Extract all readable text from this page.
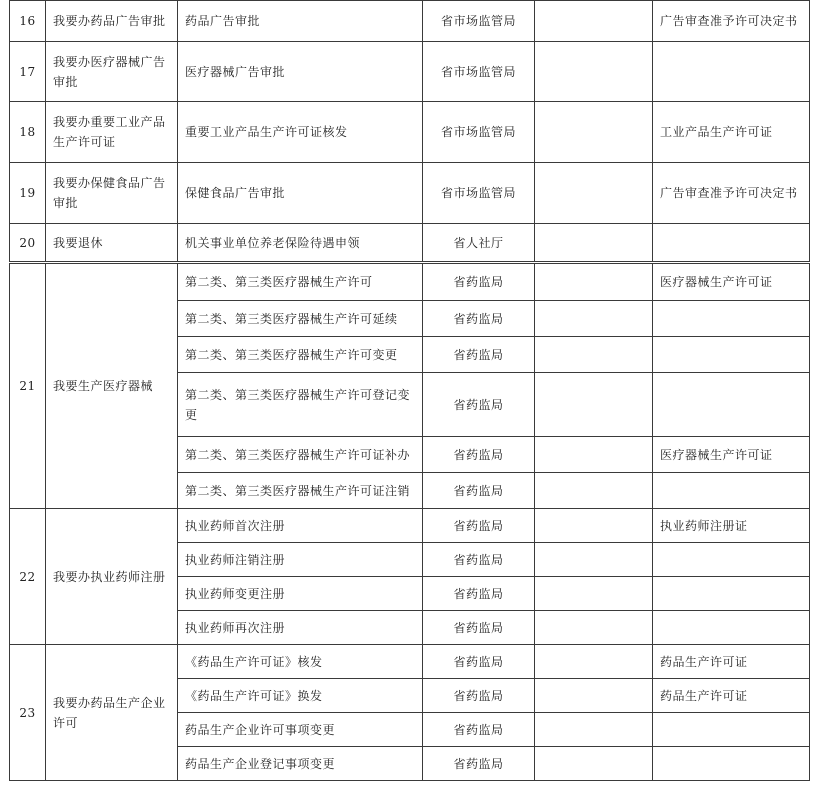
16	我要办药品广告审批	药品广告审批	省市场监管局		广告审查准予许可决定书
17	我要办医疗器械广告审批	医疗器械广告审批	省市场监管局		
18	我要办重要工业产品生产许可证	重要工业产品生产许可证核发	省市场监管局		工业产品生产许可证
19	我要办保健食品广告审批	保健食品广告审批	省市场监管局		广告审查准予许可决定书
20	我要退休	机关事业单位养老保险待遇申领	省人社厅		
21	我要生产医疗器械	第二类、第三类医疗器械生产许可	省药监局		医疗器械生产许可证
		第二类、第三类医疗器械生产许可延续	省药监局		
		第二类、第三类医疗器械生产许可变更	省药监局		
		第二类、第三类医疗器械生产许可登记变更	省药监局		
		第二类、第三类医疗器械生产许可证补办	省药监局		医疗器械生产许可证
		第二类、第三类医疗器械生产许可证注销	省药监局		
22	我要办执业药师注册	执业药师首次注册	省药监局		执业药师注册证
		执业药师注销注册	省药监局		
		执业药师变更注册	省药监局		
		执业药师再次注册	省药监局		
23	我要办药品生产企业许可	《药品生产许可证》核发	省药监局		药品生产许可证
		《药品生产许可证》换发	省药监局		药品生产许可证
		药品生产企业许可事项变更	省药监局		
		药品生产企业登记事项变更	省药监局		
